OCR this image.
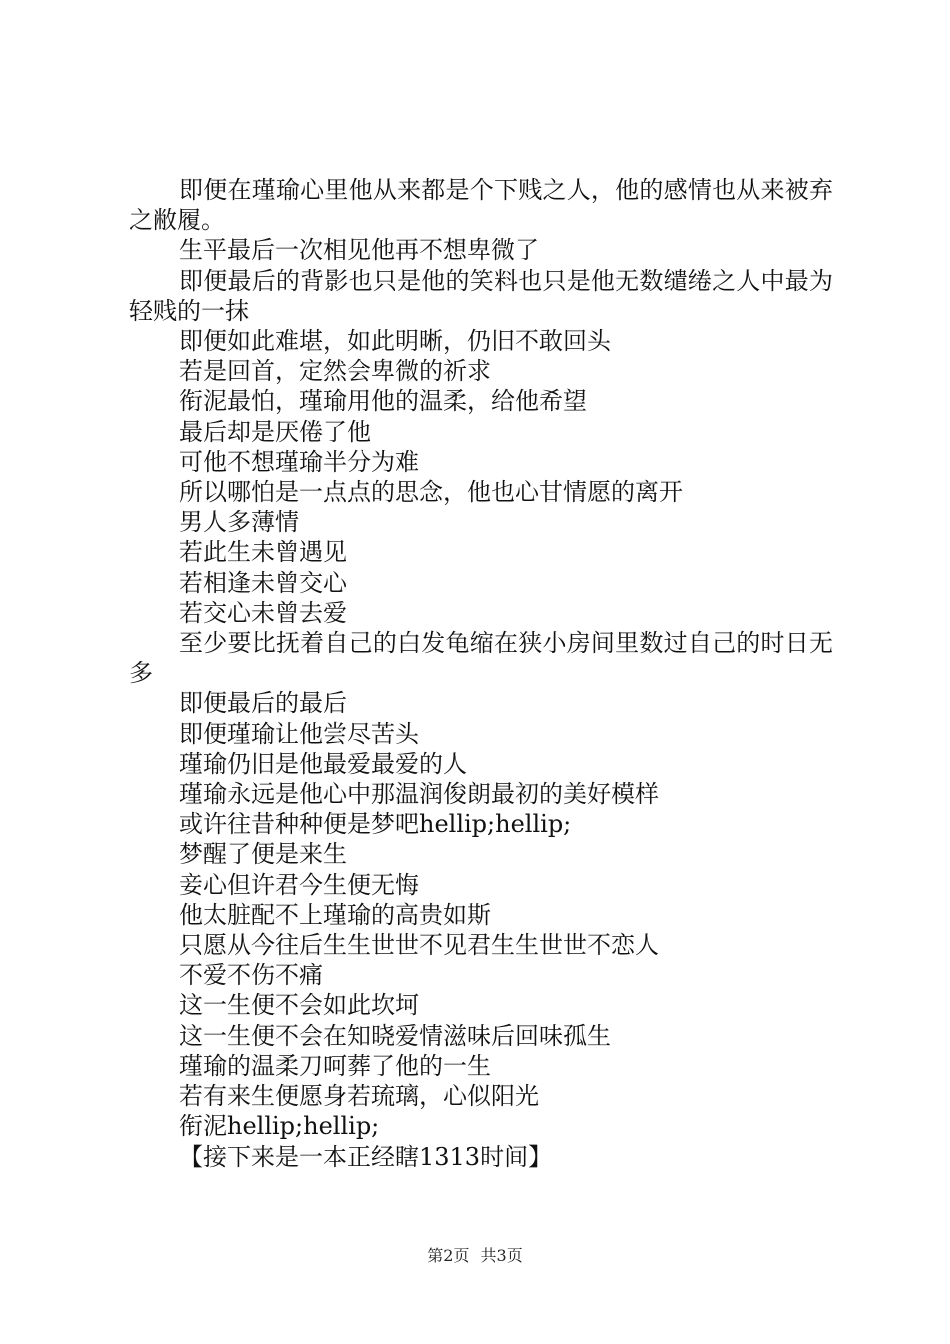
即便在瑾瑜心里他从来都是个下贱之人，他的感情也从来被弃之敝履。

生平最后一次相见他再不想卑微了

即便最后的背影也只是他的笑料也只是他无数缱绻之人中最为轻贱的一抹

即便如此难堪，如此明晰，仍旧不敢回头

若是回首，定然会卑微的祈求

衔泥最怕，瑾瑜用他的温柔，给他希望

最后却是厌倦了他

可他不想瑾瑜半分为难

所以哪怕是一点点的思念，他也心甘情愿的离开

男人多薄情

若此生未曾遇见

若相逢未曾交心

若交心未曾去爱

至少要比抚着自己的白发龟缩在狭小房间里数过自己的时日无多

即便最后的最后

即便瑾瑜让他尝尽苦头

瑾瑜仍旧是他最爱最爱的人

瑾瑜永远是他心中那温润俊朗最初的美好模样

或许往昔种种便是梦吧hellip;hellip;

梦醒了便是来生

妾心但许君今生便无悔

他太脏配不上瑾瑜的高贵如斯

只愿从今往后生生世世不见君生生世世不恋人

不爱不伤不痛

这一生便不会如此坎坷

这一生便不会在知晓爱情滋味后回味孤生

瑾瑜的温柔刀呵葬了他的一生

若有来生便愿身若琉璃，心似阳光

衔泥hellip;hellip;

【接下来是一本正经瞎1313时间】

第2页 共3页
